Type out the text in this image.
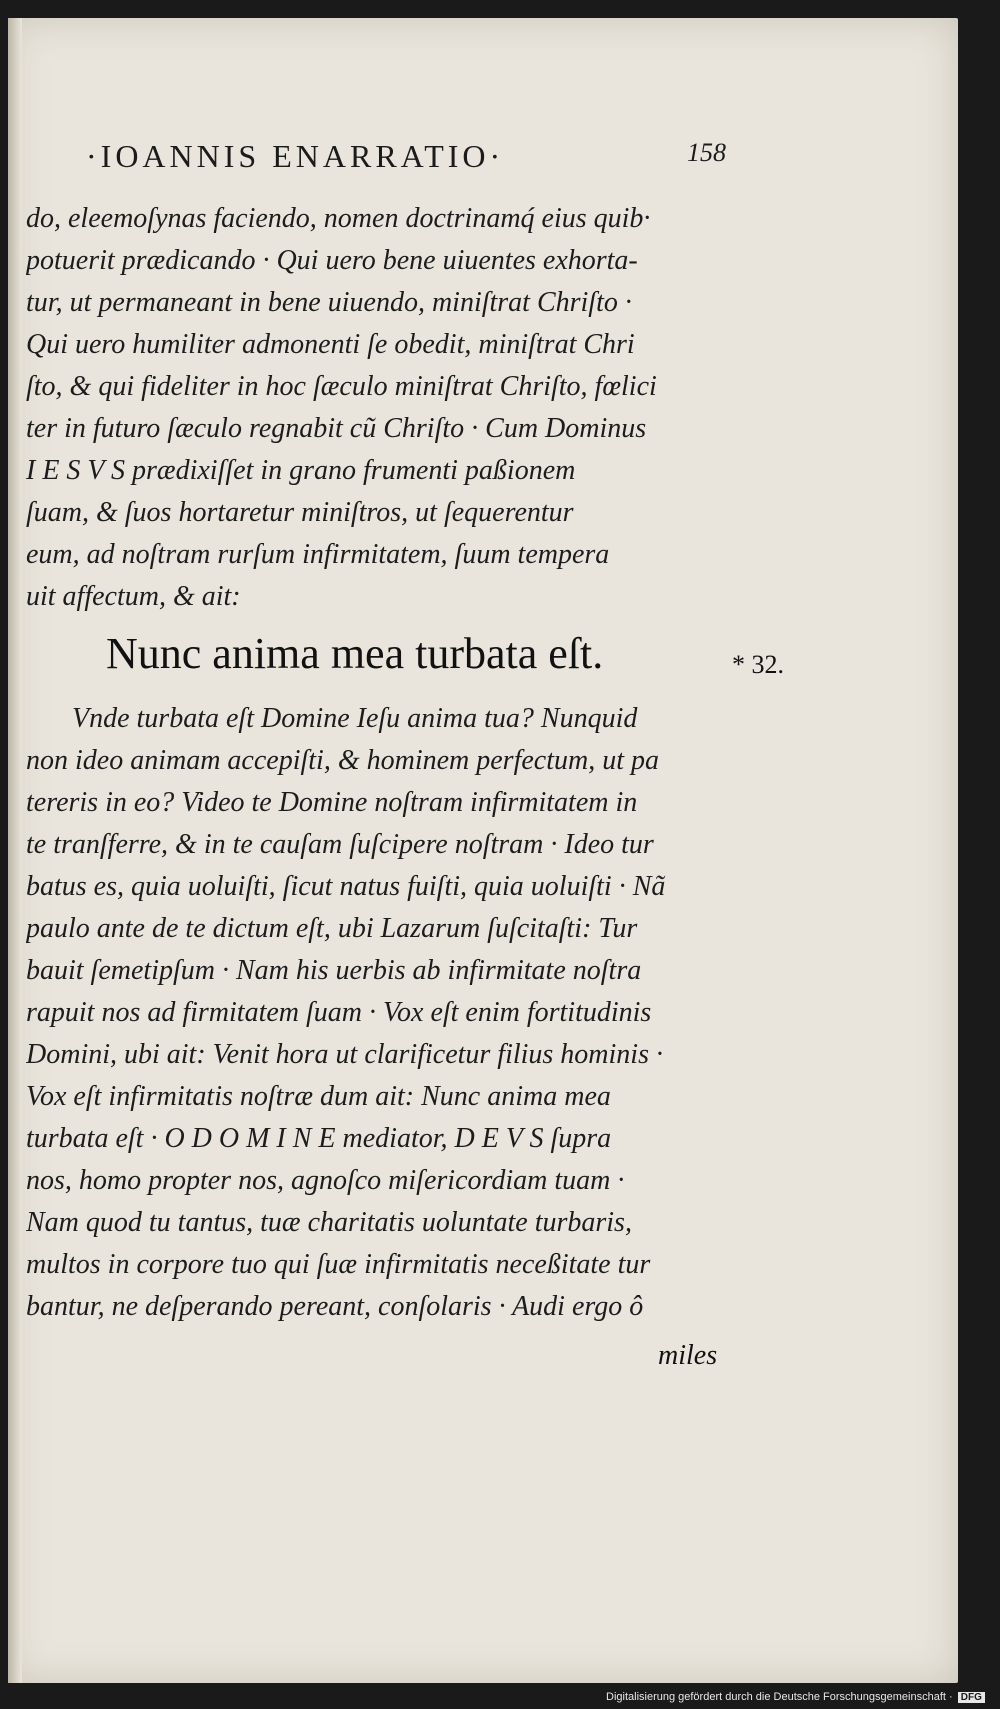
·IOANNIS ENARRATIO·	158
do, eleemoſynas faciendo, nomen doctrinamq́ eius quib·
potuerit prædicando · Qui uero bene uiuentes exhorta-
tur, ut permaneant in bene uiuendo, miniſtrat Chriſto ·
Qui uero humiliter admonenti ſe obedit, miniſtrat Chri
ſto, & qui fideliter in hoc ſæculo miniſtrat Chriſto, fœlici
ter in futuro ſæculo regnabit cũ Chriſto · Cum Dominus
I E S V S prædixiſſet in grano frumenti paßionem
ſuam, & ſuos hortaretur miniſtros, ut ſequerentur
eum, ad noſtram rurſum infirmitatem, ſuum tempera
uit affectum, & ait:
Nunc anima mea turbata eſt.	* 32.
Vnde turbata eſt Domine Ieſu anima tua? Nunquid
non ideo animam accepiſti, & hominem perfectum, ut pa
tereris in eo? Video te Domine noſtram infirmitatem in
te tranſferre, & in te cauſam ſuſcipere noſtram · Ideo tur
batus es, quia uoluiſti, ſicut natus fuiſti, quia uoluiſti · Nã
paulo ante de te dictum eſt, ubi Lazarum ſuſcitaſti: Tur
bauit ſemetipſum · Nam his uerbis ab infirmitate noſtra
rapuit nos ad firmitatem ſuam · Vox eſt enim fortitudinis
Domini, ubi ait: Venit hora ut clarificetur filius hominis ·
Vox eſt infirmitatis noſtræ dum ait: Nunc anima mea
turbata eſt · O D O M I N E mediator, D E V S ſupra
nos, homo propter nos, agnoſco miſericordiam tuam ·
Nam quod tu tantus, tuæ charitatis uoluntate turbaris,
multos in corpore tuo qui ſuæ infirmitatis neceßitate tur
bantur, ne deſperando pereant, conſolaris · Audi ergo ô
miles
Digitalisierung gefördert durch die Deutsche Forschungsgemeinschaft · DFG
